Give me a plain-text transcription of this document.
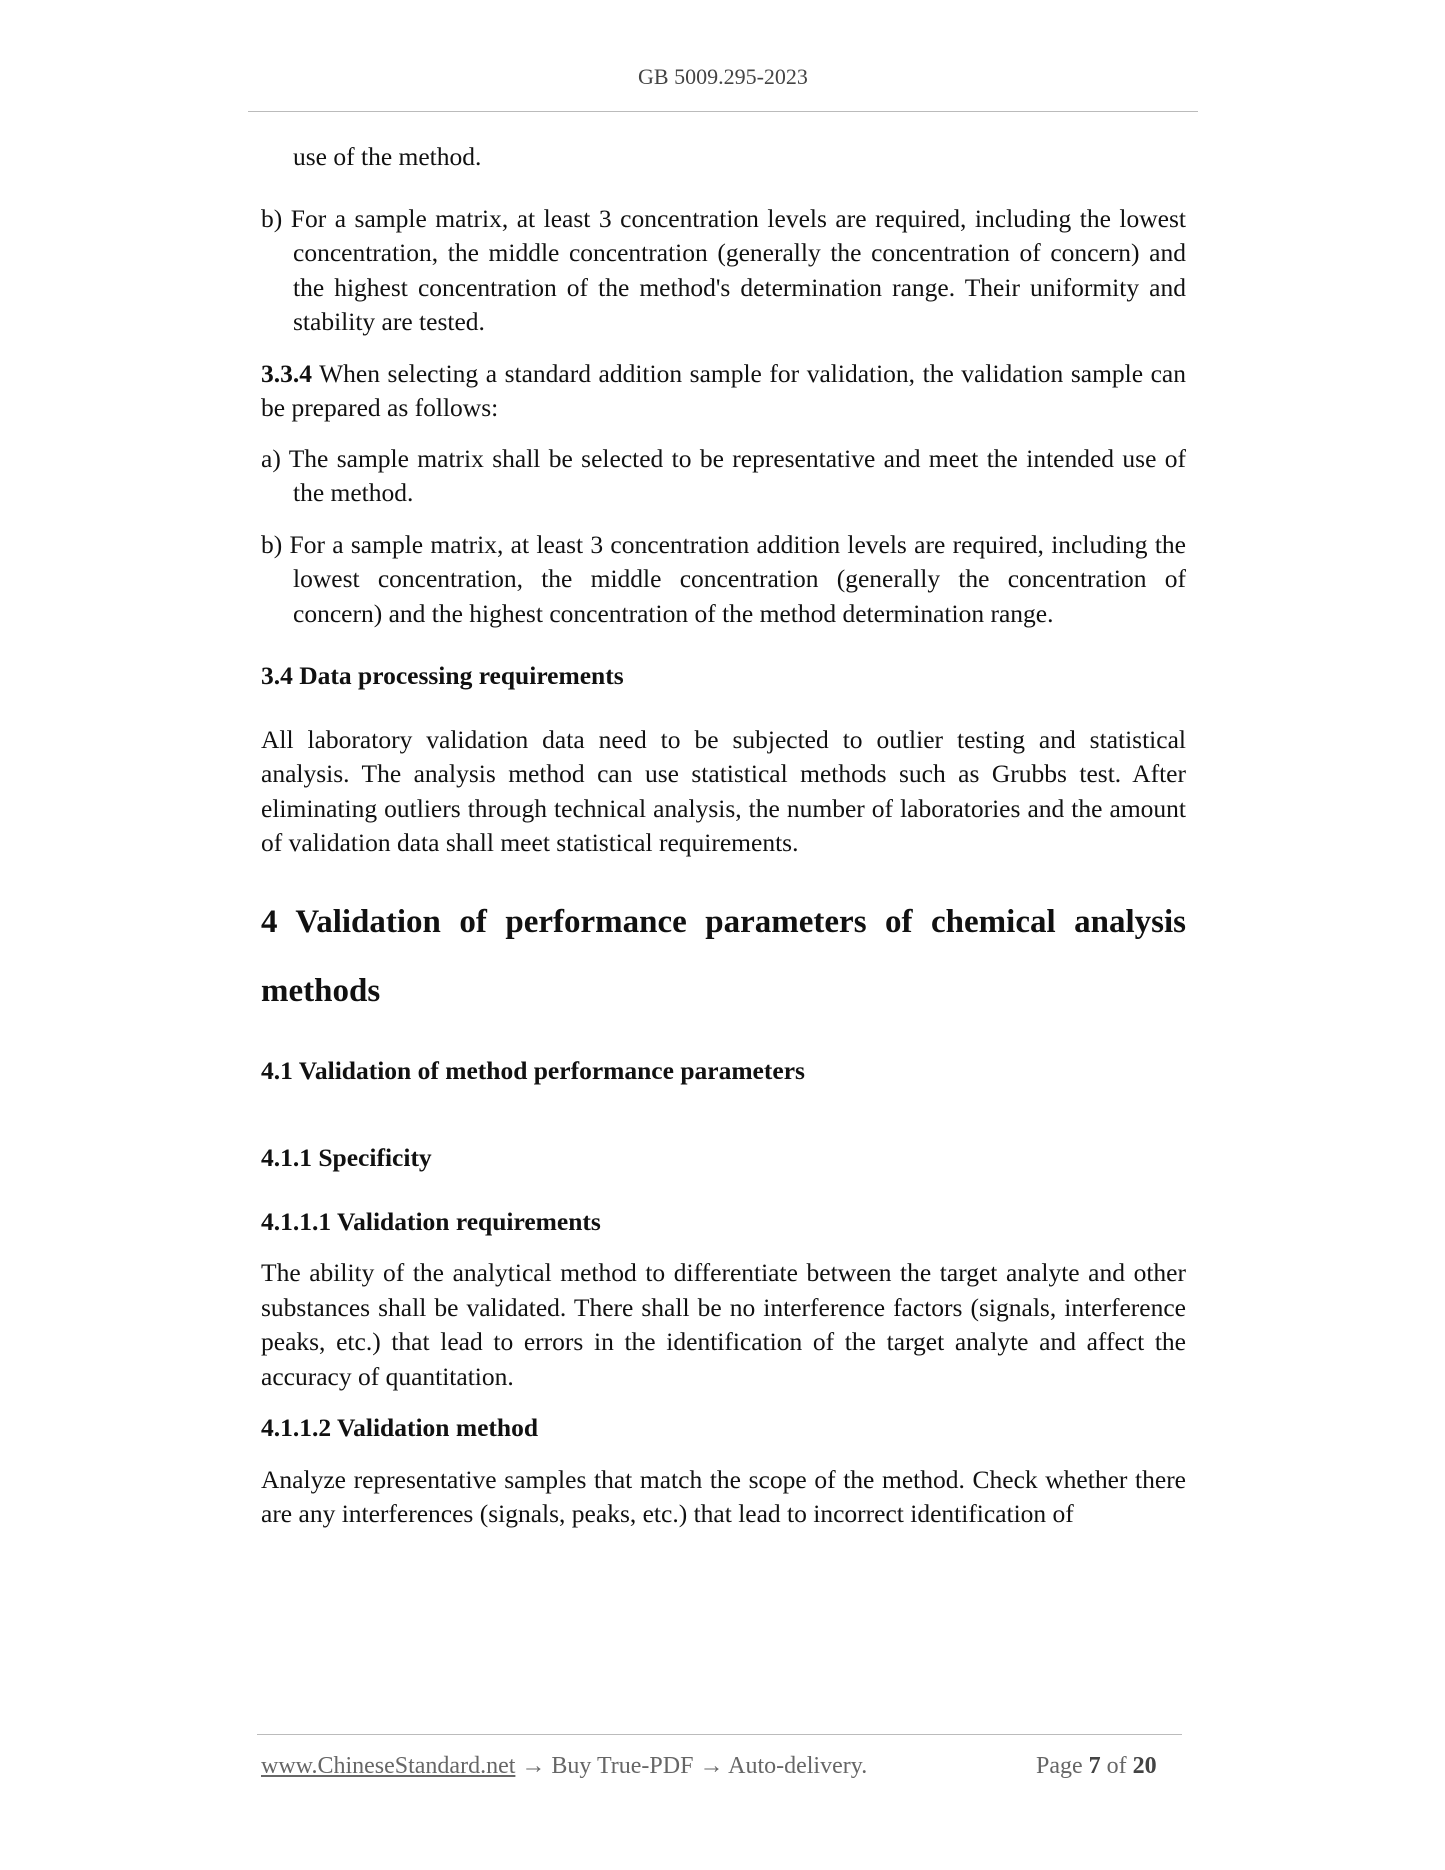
GB 5009.295-2023

use of the method.

b) For a sample matrix, at least 3 concentration levels are required, including the lowest concentration, the middle concentration (generally the concentration of concern) and the highest concentration of the method's determination range. Their uniformity and stability are tested.

3.3.4 When selecting a standard addition sample for validation, the validation sample can be prepared as follows:

a) The sample matrix shall be selected to be representative and meet the intended use of the method.

b) For a sample matrix, at least 3 concentration addition levels are required, including the lowest concentration, the middle concentration (generally the concentration of concern) and the highest concentration of the method determination range.

3.4 Data processing requirements

All laboratory validation data need to be subjected to outlier testing and statistical analysis. The analysis method can use statistical methods such as Grubbs test. After eliminating outliers through technical analysis, the number of laboratories and the amount of validation data shall meet statistical requirements.

4 Validation of performance parameters of chemical analysis methods

4.1 Validation of method performance parameters

4.1.1 Specificity

4.1.1.1 Validation requirements

The ability of the analytical method to differentiate between the target analyte and other substances shall be validated. There shall be no interference factors (signals, interference peaks, etc.) that lead to errors in the identification of the target analyte and affect the accuracy of quantitation.

4.1.1.2 Validation method

Analyze representative samples that match the scope of the method. Check whether there are any interferences (signals, peaks, etc.) that lead to incorrect identification of

www.ChineseStandard.net → Buy True-PDF → Auto-delivery.	Page 7 of 20
